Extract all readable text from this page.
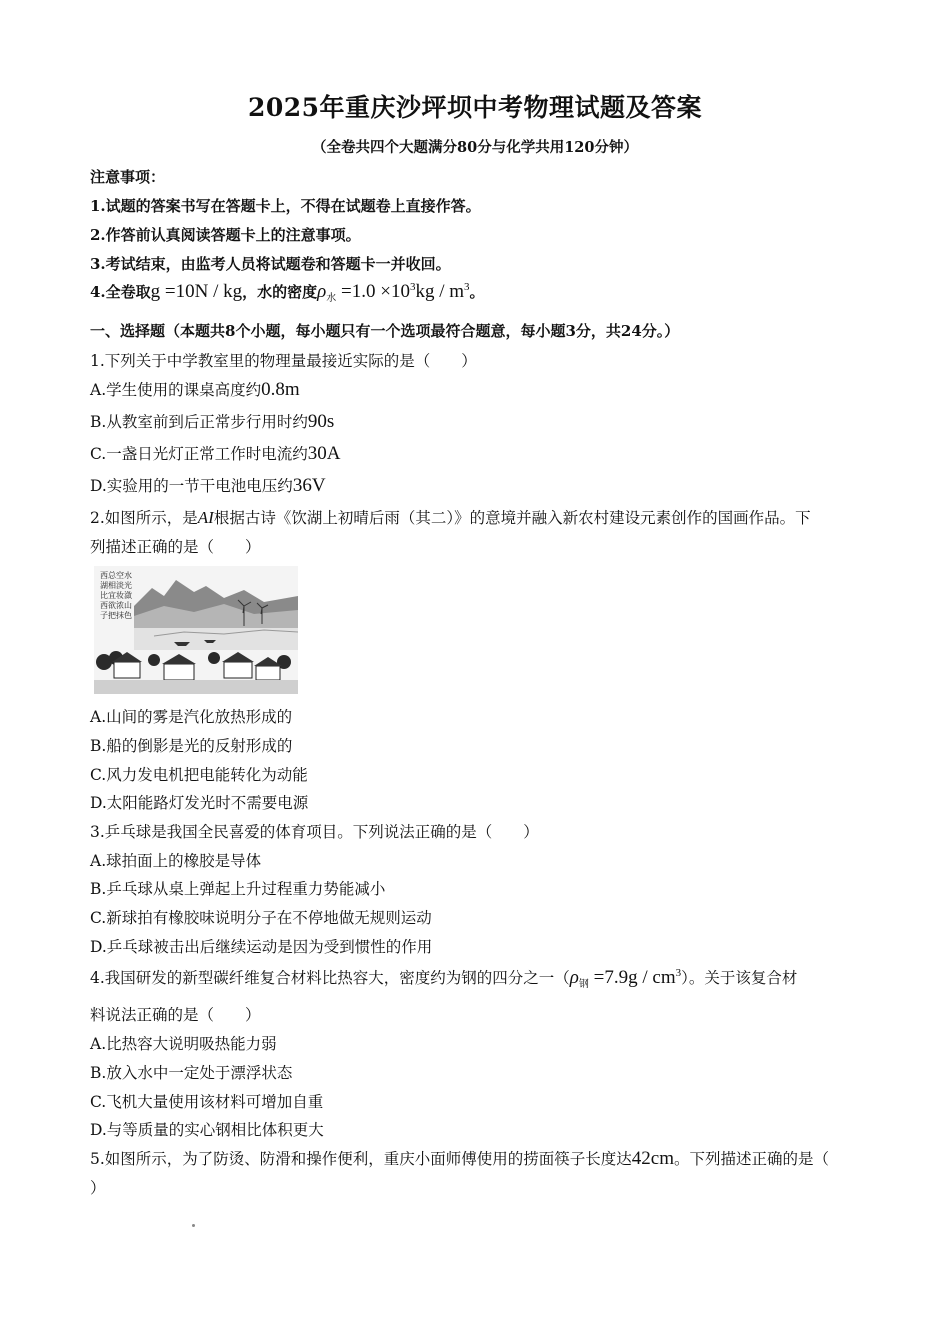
2025年重庆沙坪坝中考物理试题及答案
（全卷共四个大题满分80分与化学共用120分钟）
注意事项：
1.试题的答案书写在答题卡上，不得在试题卷上直接作答。
2.作答前认真阅读答题卡上的注意事项。
3.考试结束，由监考人员将试题卷和答题卡一并收回。
4.全卷取g =10N / kg，水的密度$\rho_水 =1.0 \times 10^3kg / m^3$。
一、选择题（本题共8个小题，每小题只有一个选项最符合题意，每小题3分，共24分。）
1.下列关于中学教室里的物理量最接近实际的是（　　）
A.学生使用的课桌高度约0.8m
B.从教室前到后正常步行用时约90s
C.一盏日光灯正常工作时电流约30A
D.实验用的一节干电池电压约36V
2.如图所示，是AI根据古诗《饮湖上初晴后雨（其二）》的意境并融入新农村建设元素创作的国画作品。下
列描述正确的是（　　）
水
光
潋
山
色
空
淡
妆
浓
抹
总
相
宜
欲
把
西
湖
比
西
子
A.山间的雾是汽化放热形成的
B.船的倒影是光的反射形成的
C.风力发电机把电能转化为动能
D.太阳能路灯发光时不需要电源
3.乒乓球是我国全民喜爱的体育项目。下列说法正确的是（　　）
A.球拍面上的橡胶是导体
B.乒乓球从桌上弹起上升过程重力势能减小
C.新球拍有橡胶味说明分子在不停地做无规则运动
D.乒乓球被击出后继续运动是因为受到惯性的作用
4.我国研发的新型碳纤维复合材料比热容大，密度约为钢的四分之一$(\rho_钢 =7.9g / cm^3)$。关于该复合材
料说法正确的是（　　）
A.比热容大说明吸热能力弱
B.放入水中一定处于漂浮状态
C.飞机大量使用该材料可增加自重
D.与等质量的实心钢相比体积更大
5.如图所示，为了防烫、防滑和操作便利，重庆小面师傅使用的捞面筷子长度达42cm。下列描述正确的是（
）
